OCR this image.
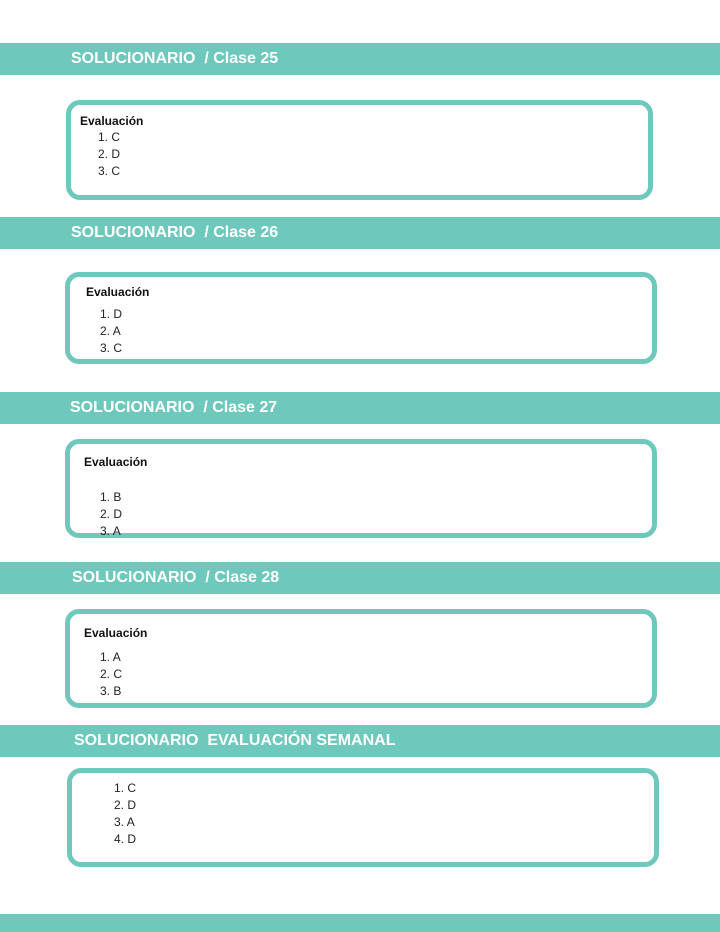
SOLUCIONARIO  / Clase 25
Evaluación
1. C
2. D
3. C
SOLUCIONARIO  / Clase 26
Evaluación
1. D
2. A
3. C
SOLUCIONARIO  / Clase 27
Evaluación
1. B
2. D
3. A
SOLUCIONARIO  / Clase 28
Evaluación
1. A
2. C
3. B
SOLUCIONARIO  EVALUACIÓN SEMANAL
1. C
2. D
3. A
4. D
